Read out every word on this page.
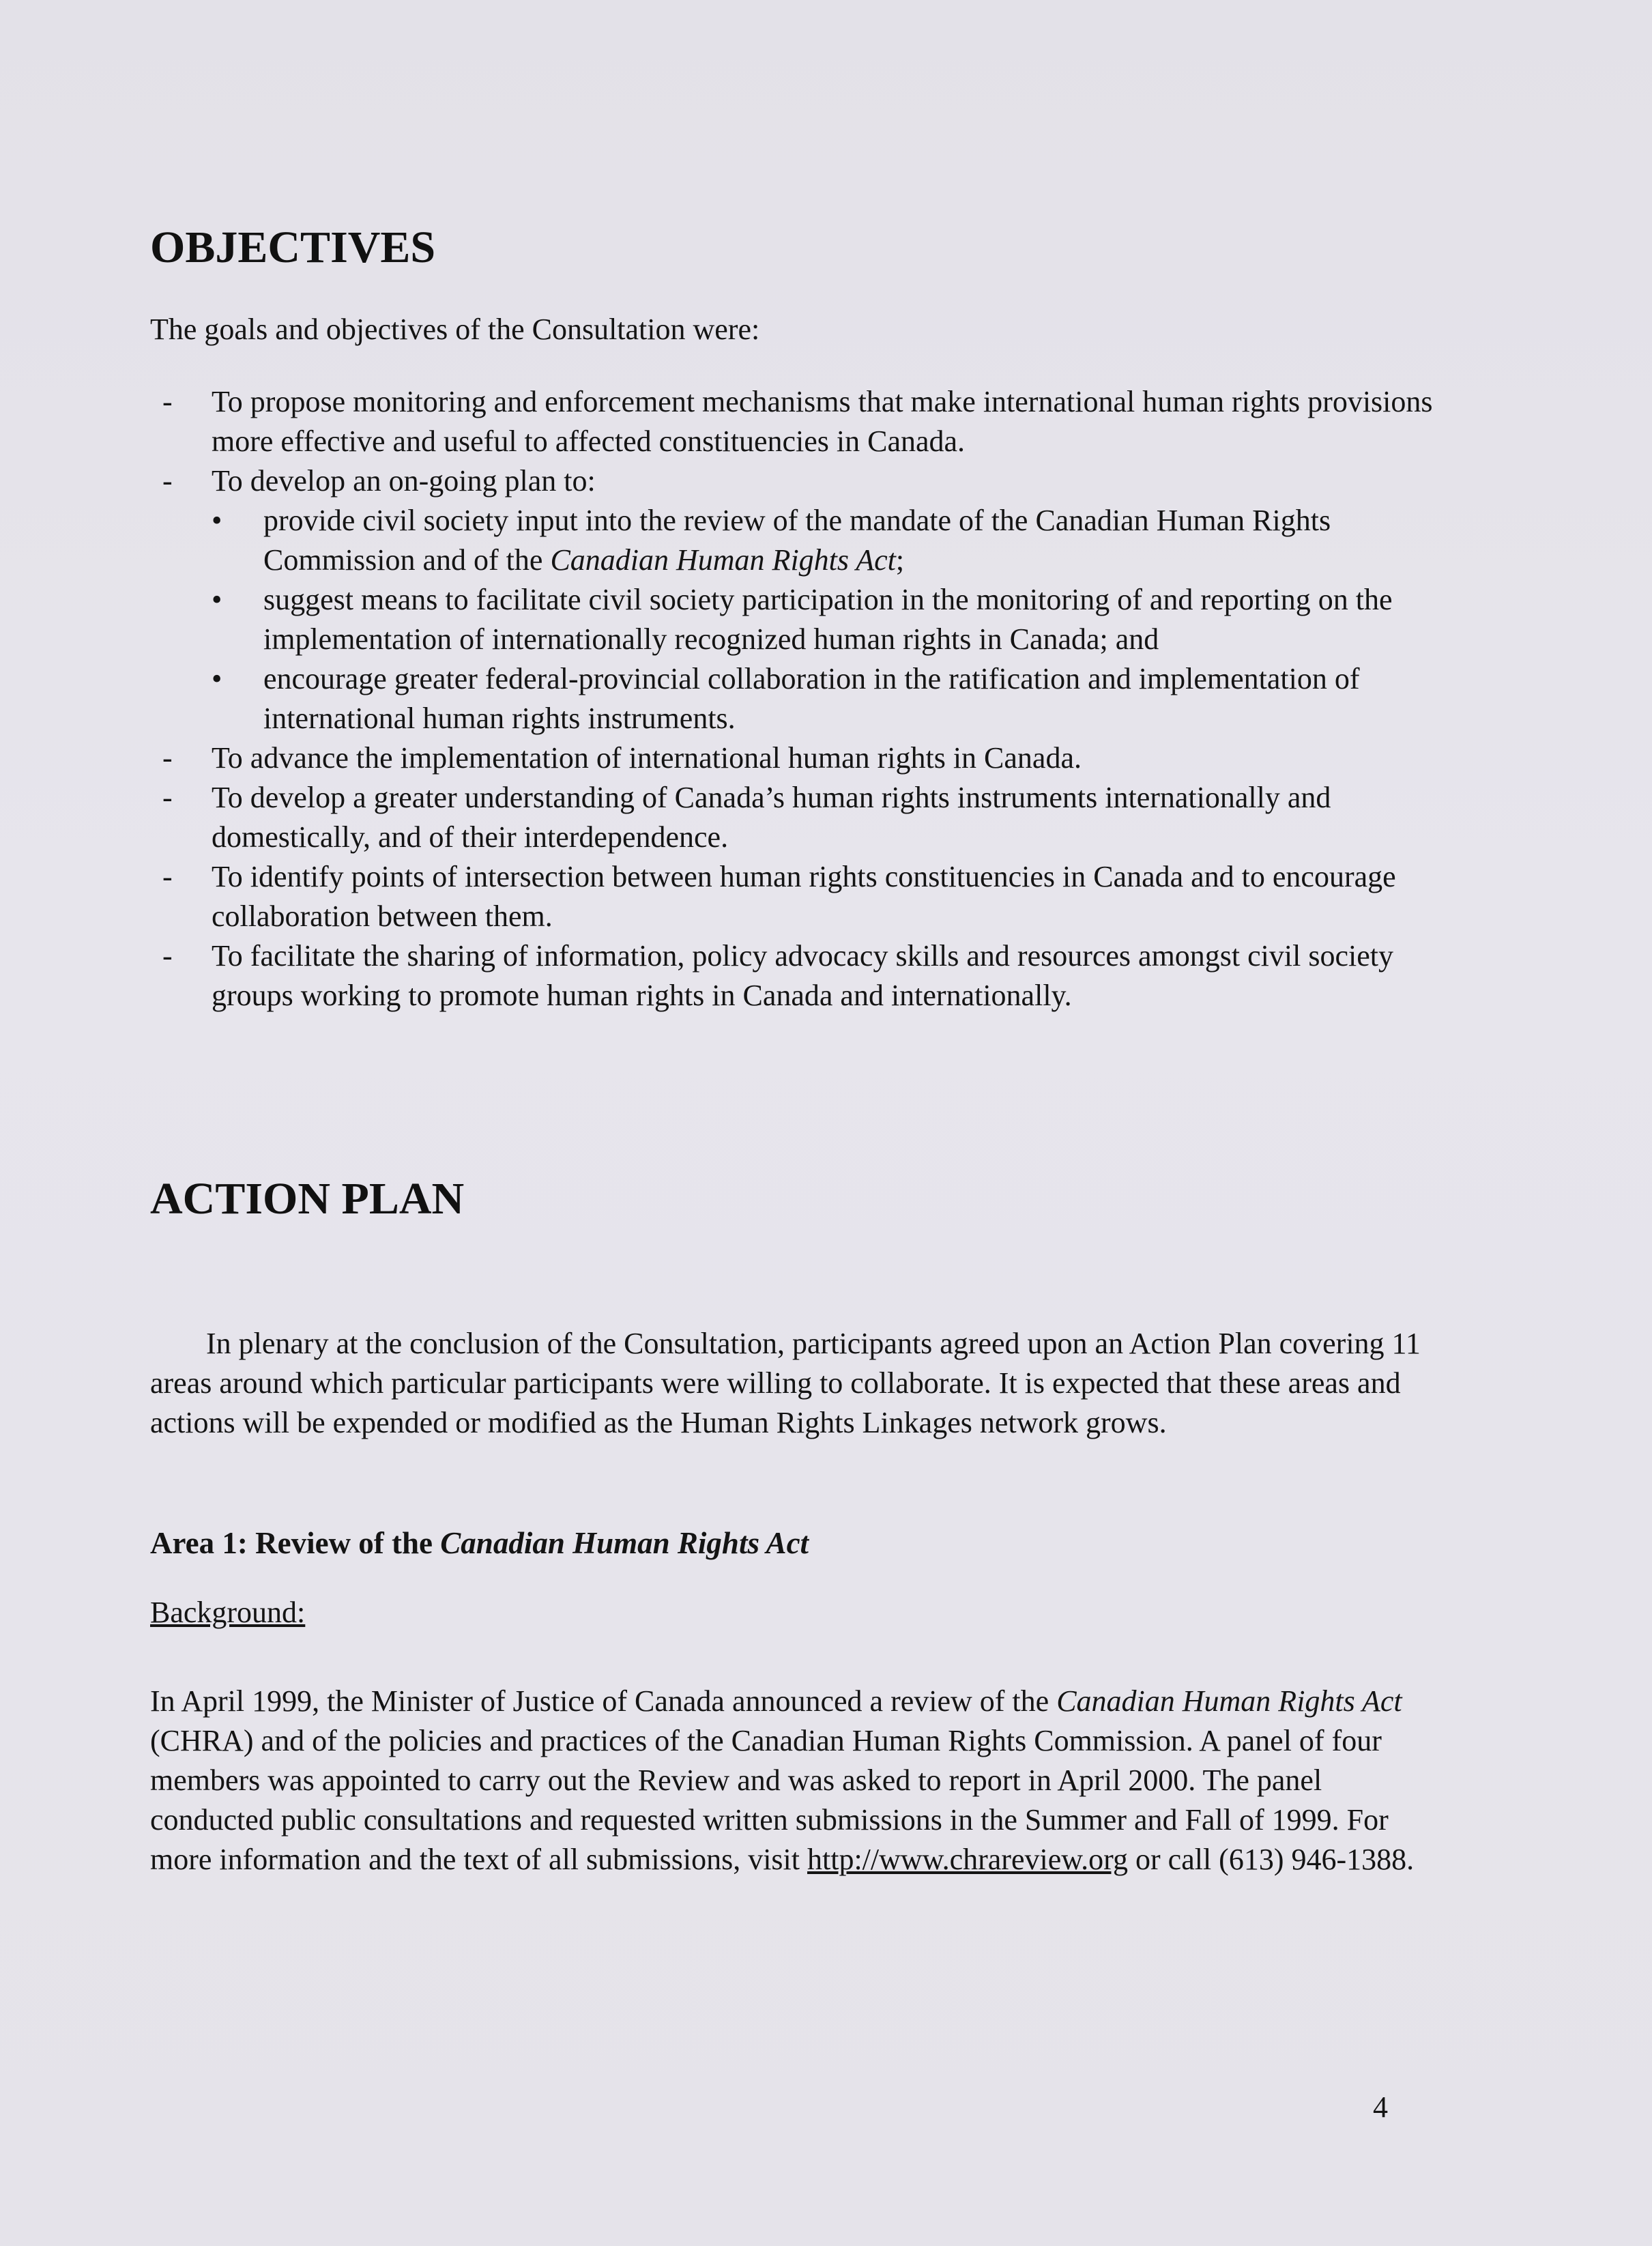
OBJECTIVES
The goals and objectives of the Consultation were:
- To propose monitoring and enforcement mechanisms that make international human rights provisions more effective and useful to affected constituencies in Canada.
- To develop an on-going plan to:
• provide civil society input into the review of the mandate of the Canadian Human Rights Commission and of the Canadian Human Rights Act;
• suggest means to facilitate civil society participation in the monitoring of and reporting on the implementation of internationally recognized human rights in Canada; and
• encourage greater federal-provincial collaboration in the ratification and implementation of international human rights instruments.
- To advance the implementation of international human rights in Canada.
- To develop a greater understanding of Canada’s human rights instruments internationally and domestically, and of their interdependence.
- To identify points of intersection between human rights constituencies in Canada and to encourage collaboration between them.
- To facilitate the sharing of information, policy advocacy skills and resources amongst civil society groups working to promote human rights in Canada and internationally.
ACTION PLAN
In plenary at the conclusion of the Consultation, participants agreed upon an Action Plan covering 11 areas around which particular participants were willing to collaborate. It is expected that these areas and actions will be expended or modified as the Human Rights Linkages network grows.
Area 1: Review of the Canadian Human Rights Act
Background:
In April 1999, the Minister of Justice of Canada announced a review of the Canadian Human Rights Act (CHRA) and of the policies and practices of the Canadian Human Rights Commission. A panel of four members was appointed to carry out the Review and was asked to report in April 2000. The panel conducted public consultations and requested written submissions in the Summer and Fall of 1999. For more information and the text of all submissions, visit http://www.chrareview.org or call (613) 946-1388.
4
